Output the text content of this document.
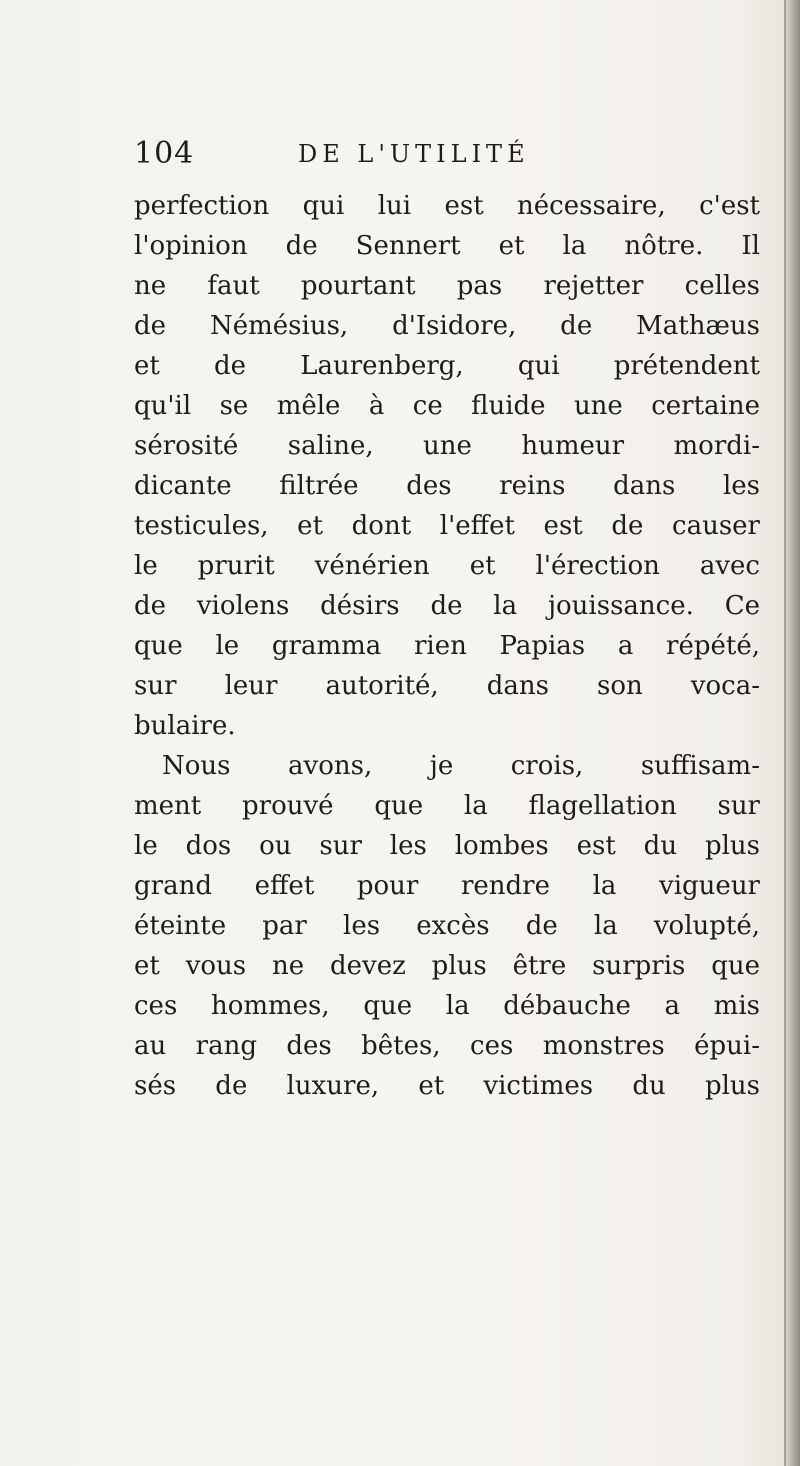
104	DE L'UTILITÉ
perfection qui lui est nécessaire, c'est
l'opinion de Sennert et la nôtre. Il
ne faut pourtant pas rejetter celles
de Némésius, d'Isidore, de Mathæus
et de Laurenberg, qui prétendent
qu'il se mêle à ce fluide une certaine
sérosité saline, une humeur mordi-
dicante filtrée des reins dans les
testicules, et dont l'effet est de causer
le prurit vénérien et l'érection avec
de violens désirs de la jouissance. Ce
que le gramma rien Papias a répété,
sur leur autorité, dans son voca-
bulaire.
Nous avons, je crois, suffisam-
ment prouvé que la flagellation sur
le dos ou sur les lombes est du plus
grand effet pour rendre la vigueur
éteinte par les excès de la volupté,
et vous ne devez plus être surpris que
ces hommes, que la débauche a mis
au rang des bêtes, ces monstres épui-
sés de luxure, et victimes du plus
